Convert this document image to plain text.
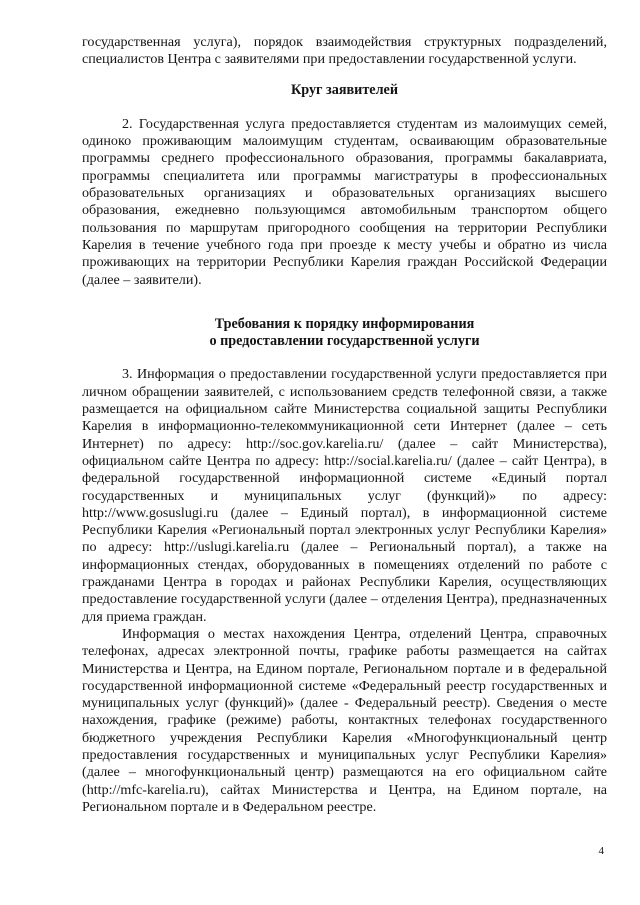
государственная услуга), порядок взаимодействия структурных подразделений, специалистов Центра с заявителями при предоставлении государственной услуги.

Круг заявителей

2. Государственная услуга предоставляется студентам из малоимущих семей, одиноко проживающим малоимущим студентам, осваивающим образовательные программы среднего профессионального образования, программы бакалавриата, программы специалитета или программы магистратуры в профессиональных образовательных организациях и образовательных организациях высшего образования, ежедневно пользующимся автомобильным транспортом общего пользования по маршрутам пригородного сообщения на территории Республики Карелия в течение учебного года при проезде к месту учебы и обратно из числа проживающих на территории Республики Карелия граждан Российской Федерации (далее – заявители).

Требования к порядку информирования
о предоставлении государственной услуги

3. Информация о предоставлении государственной услуги предоставляется при личном обращении заявителей, с использованием средств телефонной связи, а также размещается на официальном сайте Министерства социальной защиты Республики Карелия в информационно-телекоммуникационной сети Интернет (далее – сеть Интернет) по адресу: http://soc.gov.karelia.ru/ (далее – сайт Министерства), официальном сайте Центра по адресу: http://social.karelia.ru/ (далее – сайт Центра), в федеральной государственной информационной системе «Единый портал государственных и муниципальных услуг (функций)» по адресу: http://www.gosuslugi.ru (далее – Единый портал), в информационной системе Республики Карелия «Региональный портал электронных услуг Республики Карелия» по адресу: http://uslugi.karelia.ru (далее – Региональный портал), а также на информационных стендах, оборудованных в помещениях отделений по работе с гражданами Центра в городах и районах Республики Карелия, осуществляющих предоставление государственной услуги (далее – отделения Центра), предназначенных для приема граждан.

Информация о местах нахождения Центра, отделений Центра, справочных телефонах, адресах электронной почты, графике работы размещается на сайтах Министерства и Центра, на Едином портале, Региональном портале и в федеральной государственной информационной системе «Федеральный реестр государственных и муниципальных услуг (функций)» (далее - Федеральный реестр). Сведения о месте нахождения, графике (режиме) работы, контактных телефонах государственного бюджетного учреждения Республики Карелия «Многофункциональный центр предоставления государственных и муниципальных услуг Республики Карелия» (далее – многофункциональный центр) размещаются на его официальном сайте (http://mfc-karelia.ru), сайтах Министерства и Центра, на Едином портале, на Региональном портале и в Федеральном реестре.

4
